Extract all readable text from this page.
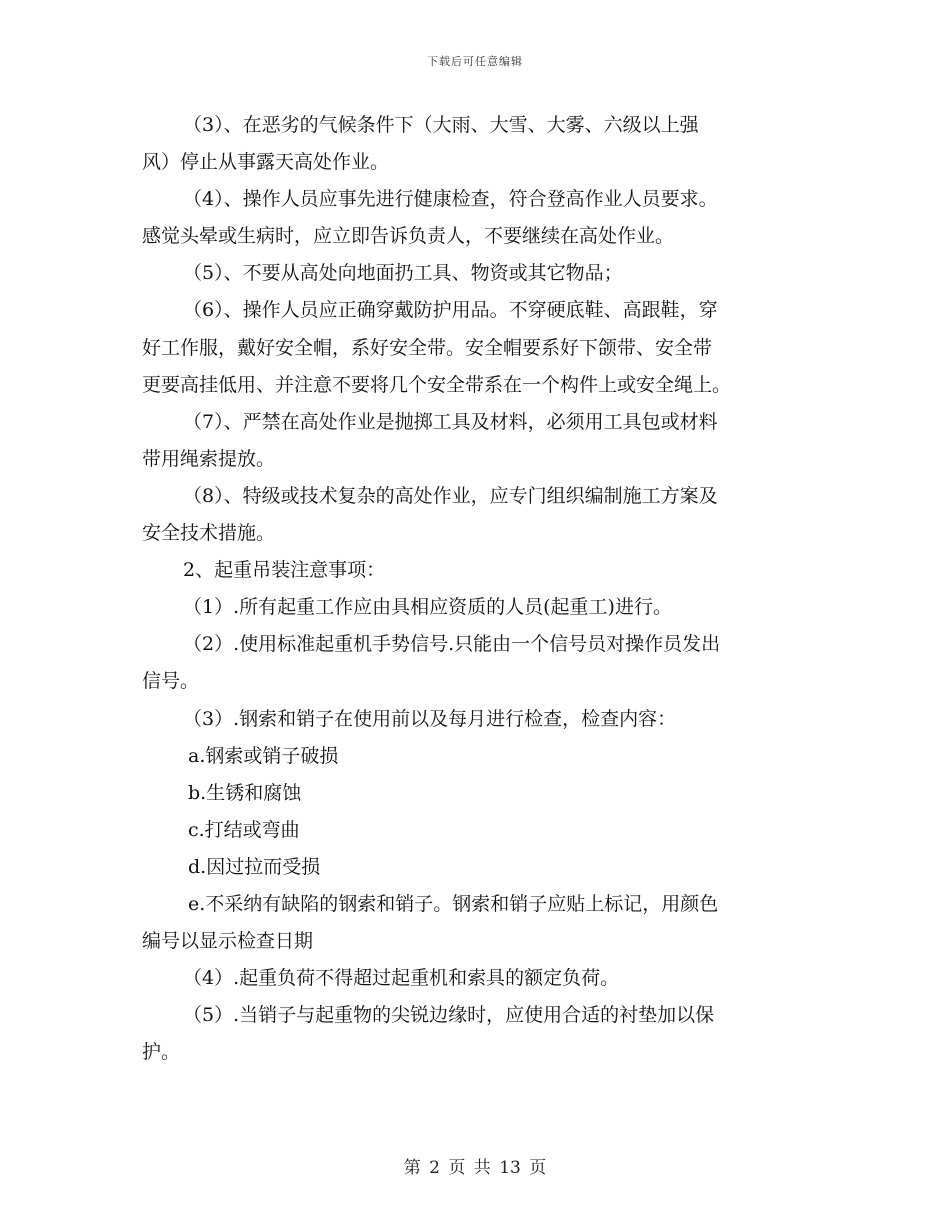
下载后可任意编辑
（3）、在恶劣的气候条件下（大雨、大雪、大雾、六级以上强
风）停止从事露天高处作业。
（4）、操作人员应事先进行健康检查，符合登高作业人员要求。
感觉头晕或生病时，应立即告诉负责人，不要继续在高处作业。
（5）、不要从高处向地面扔工具、物资或其它物品；
（6）、操作人员应正确穿戴防护用品。不穿硬底鞋、高跟鞋，穿
好工作服，戴好安全帽，系好安全带。安全帽要系好下颌带、安全带
更要高挂低用、并注意不要将几个安全带系在一个构件上或安全绳上。
（7）、严禁在高处作业是抛掷工具及材料，必须用工具包或材料
带用绳索提放。
（8）、特级或技术复杂的高处作业，应专门组织编制施工方案及
安全技术措施。
2、起重吊装注意事项：
（1）.所有起重工作应由具相应资质的人员(起重工)进行。
（2）.使用标准起重机手势信号.只能由一个信号员对操作员发出
信号。
（3）.钢索和销子在使用前以及每月进行检查，检查内容：
a.钢索或销子破损
b.生锈和腐蚀
c.打结或弯曲
d.因过拉而受损
e.不采纳有缺陷的钢索和销子。钢索和销子应贴上标记，用颜色
编号以显示检查日期
（4）.起重负荷不得超过起重机和索具的额定负荷。
（5）.当销子与起重物的尖锐边缘时，应使用合适的衬垫加以保
护。
第 2 页 共 13 页
